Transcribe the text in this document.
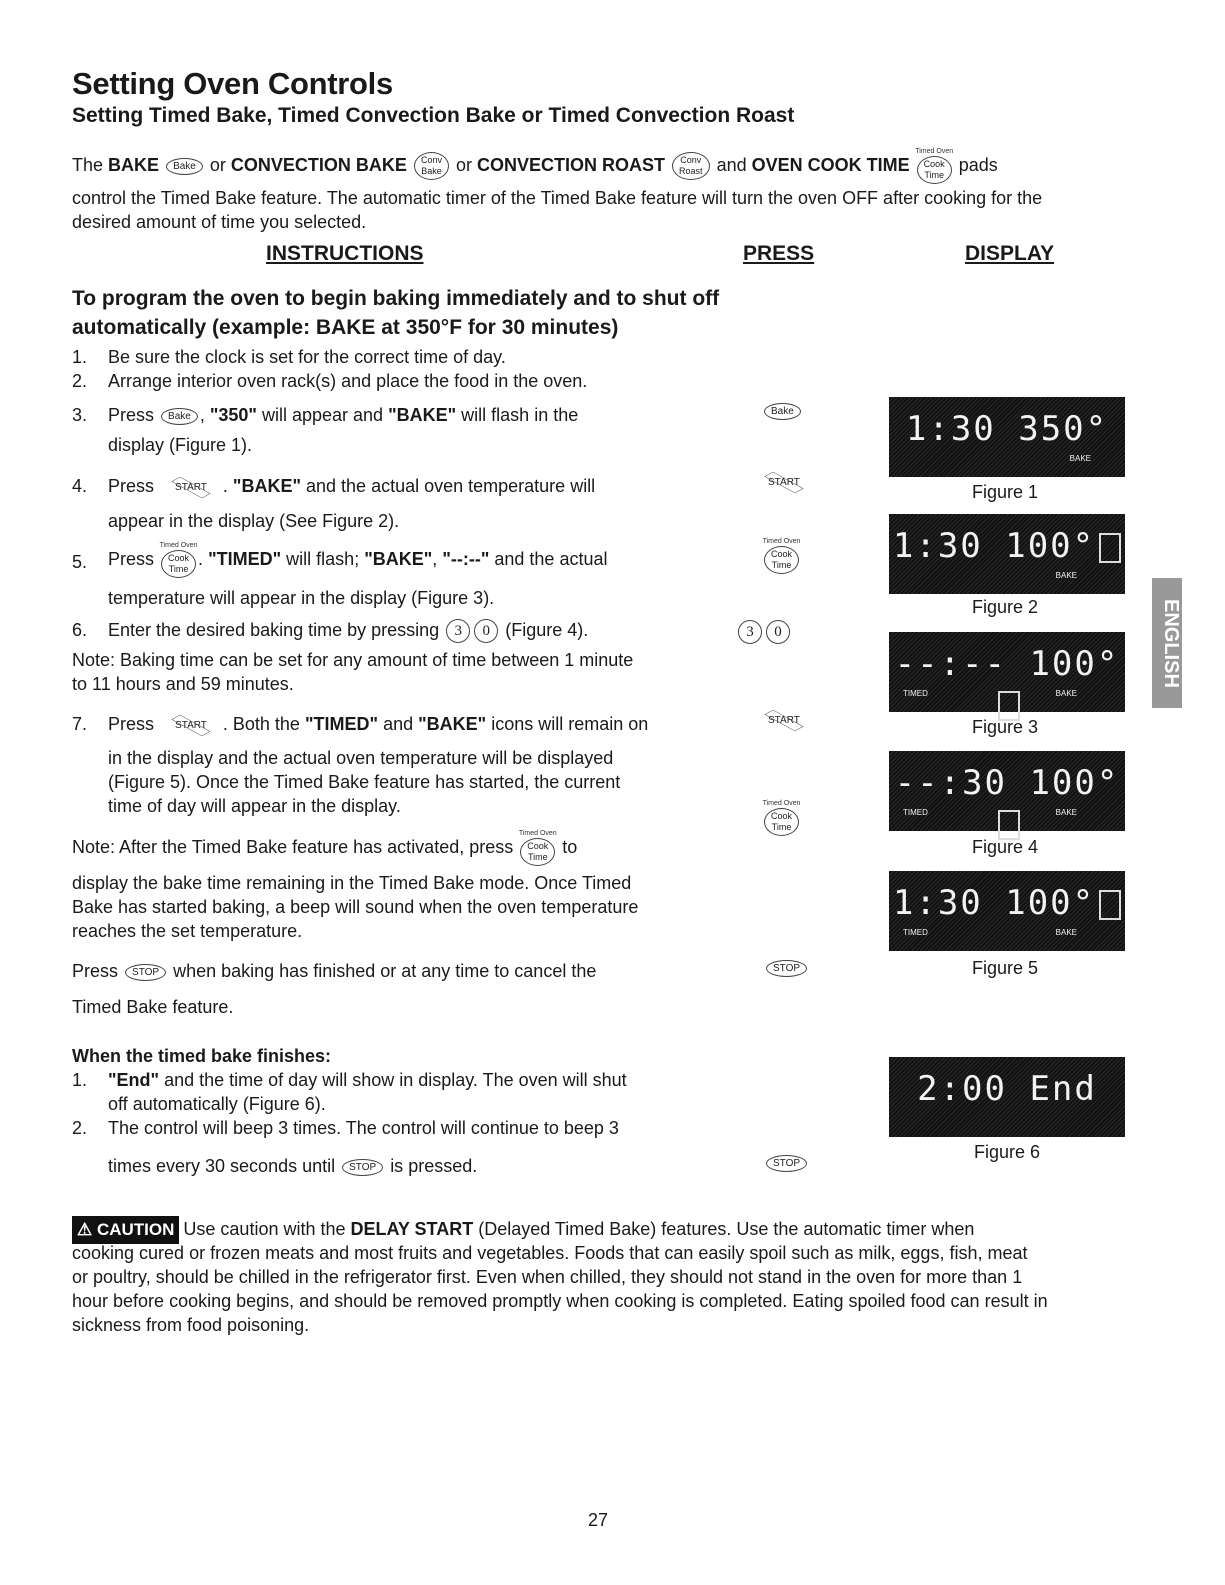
Setting Oven Controls
Setting Timed Bake, Timed Convection Bake or Timed Convection Roast
The BAKE Bake or CONVECTION BAKE Conv
Bake or CONVECTION ROAST Conv
Roast and OVEN COOK TIME
Timed Oven
Cook
Time pads
control the Timed Bake feature. The automatic timer of the Timed Bake feature will turn the oven OFF after cooking for the
desired amount of time you selected.
INSTRUCTIONS	PRESS	DISPLAY
To program the oven to begin baking immediately and to shut off
automatically (example: BAKE at 350°F for 30 minutes)
1. Be sure the clock is set for the correct time of day.
2. Arrange interior oven rack(s) and place the food in the oven.
3. Press Bake , "350" will appear and "BAKE" will flash in the
display (Figure 1).
4. Press START . "BAKE" and the actual oven temperature will
appear in the display (See Figure 2).
5. Press
Timed Oven
Cook
Time. "TIMED" will flash; "BAKE", "--:--" and the actual
temperature will appear in the display (Figure 3).
6. Enter the desired baking time by pressing 3 0 (Figure 4).
Note: Baking time can be set for any amount of time between 1 minute
to 11 hours and 59 minutes.
7. Press START . Both the "TIMED" and "BAKE" icons will remain on
in the display and the actual oven temperature will be displayed
(Figure 5). Once the Timed Bake feature has started, the current
time of day will appear in the display.
Note: After the Timed Bake feature has activated, press
Timed Oven
Cook
Time to
display the bake time remaining in the Timed Bake mode. Once Timed
Bake has started baking, a beep will sound when the oven temperature
reaches the set temperature.
Press STOP when baking has finished or at any time to cancel the
Timed Bake feature.
When the timed bake finishes:
1. "End" and the time of day will show in display. The oven will shut
off automatically (Figure 6).
2. The control will beep 3 times. The control will continue to beep 3
times every 30 seconds until STOP is pressed.
Bake
START
Timed Oven
Cook
Time
3 0
START
Timed Oven
Cook
Time
STOP
STOP
1:30 350°
BAKE
Figure 1
1:30 100°
BAKE
Figure 2
--:-- 100°
TIMED	BAKE
Figure 3
--:30 100°
TIMED	BAKE
Figure 4
1:30 100°
TIMED	BAKE
Figure 5
2:00 End
Figure 6
ENGLISH
⚠ CAUTION Use caution with the DELAY START (Delayed Timed Bake) features. Use the automatic timer when
cooking cured or frozen meats and most fruits and vegetables. Foods that can easily spoil such as milk, eggs, fish, meat
or poultry, should be chilled in the refrigerator first. Even when chilled, they should not stand in the oven for more than 1
hour before cooking begins, and should be removed promptly when cooking is completed. Eating spoiled food can result in
sickness from food poisoning.
27
